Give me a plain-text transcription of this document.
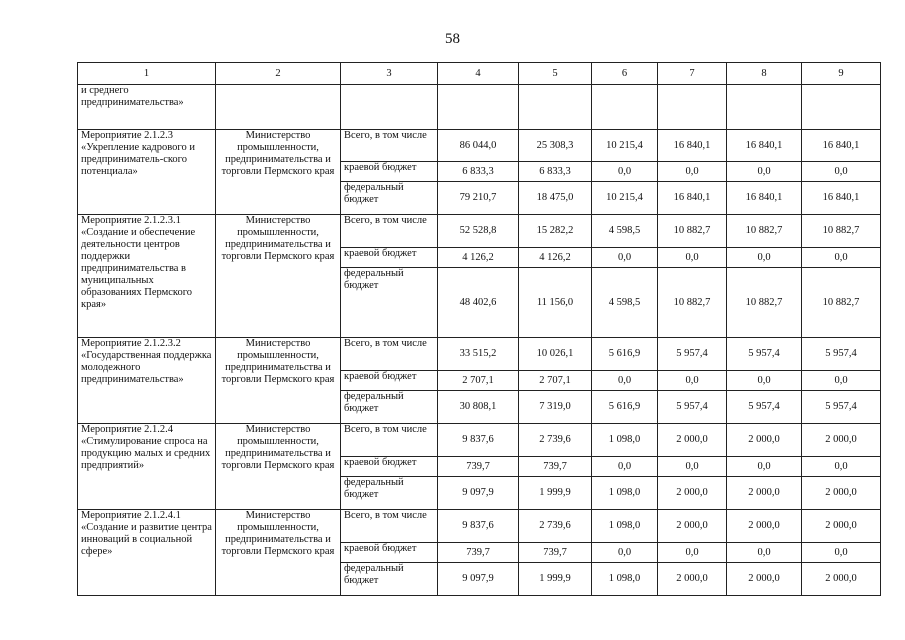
58
1	2	3	4	5	6	7	8	9
и среднего
предпринимательства»								
Мероприятие 2.1.2.3 «Укрепление кадрового и предприниматель-ского потенциала»	Министерство промышленности, предпринимательства и торговли Пермского края	Всего, в том числе	86 044,0	25 308,3	10 215,4	16 840,1	16 840,1	16 840,1
		краевой бюджет	6 833,3	6 833,3	0,0	0,0	0,0	0,0
		федеральный бюджет	79 210,7	18 475,0	10 215,4	16 840,1	16 840,1	16 840,1
Мероприятие 2.1.2.3.1 «Создание и обеспечение деятельности центров поддержки предпринимательства в муниципальных образованиях Пермского края»	Министерство промышленности, предпринимательства и торговли Пермского края	Всего, в том числе	52 528,8	15 282,2	4 598,5	10 882,7	10 882,7	10 882,7
		краевой бюджет	4 126,2	4 126,2	0,0	0,0	0,0	0,0
		федеральный бюджет	48 402,6	11 156,0	4 598,5	10 882,7	10 882,7	10 882,7
Мероприятие 2.1.2.3.2 «Государственная поддержка молодежного предпринимательства»	Министерство промышленности, предпринимательства и торговли Пермского края	Всего, в том числе	33 515,2	10 026,1	5 616,9	5 957,4	5 957,4	5 957,4
		краевой бюджет	2 707,1	2 707,1	0,0	0,0	0,0	0,0
		федеральный бюджет	30 808,1	7 319,0	5 616,9	5 957,4	5 957,4	5 957,4
Мероприятие 2.1.2.4 «Стимулирование спроса на продукцию малых и средних предприятий»	Министерство промышленности, предпринимательства и торговли Пермского края	Всего, в том числе	9 837,6	2 739,6	1 098,0	2 000,0	2 000,0	2 000,0
		краевой бюджет	739,7	739,7	0,0	0,0	0,0	0,0
		федеральный бюджет	9 097,9	1 999,9	1 098,0	2 000,0	2 000,0	2 000,0
Мероприятие 2.1.2.4.1 «Создание и развитие центра инноваций в социальной сфере»	Министерство промышленности, предпринимательства и торговли Пермского края	Всего, в том числе	9 837,6	2 739,6	1 098,0	2 000,0	2 000,0	2 000,0
		краевой бюджет	739,7	739,7	0,0	0,0	0,0	0,0
		федеральный бюджет	9 097,9	1 999,9	1 098,0	2 000,0	2 000,0	2 000,0
